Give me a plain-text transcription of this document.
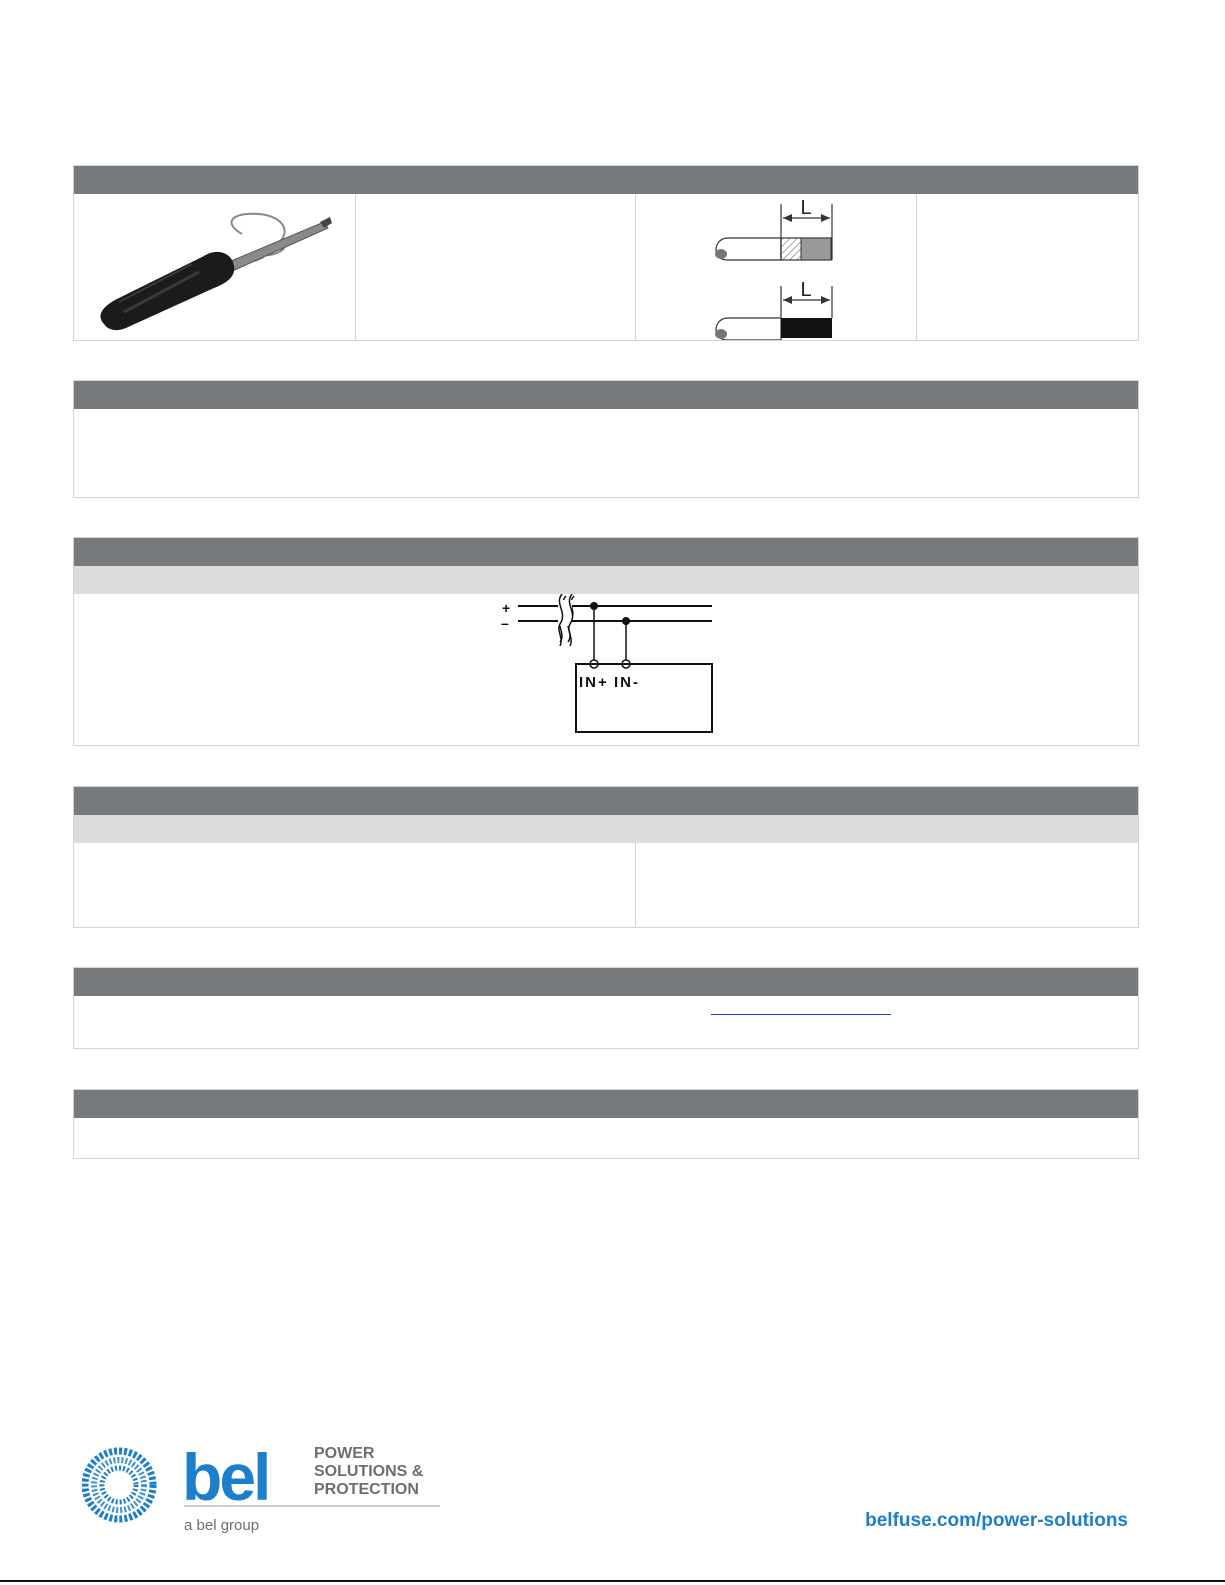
L
L
+
–
IN+ IN-
bel	POWER
SOLUTIONS &
PROTECTION
a bel group	belfuse.com/power-solutions
